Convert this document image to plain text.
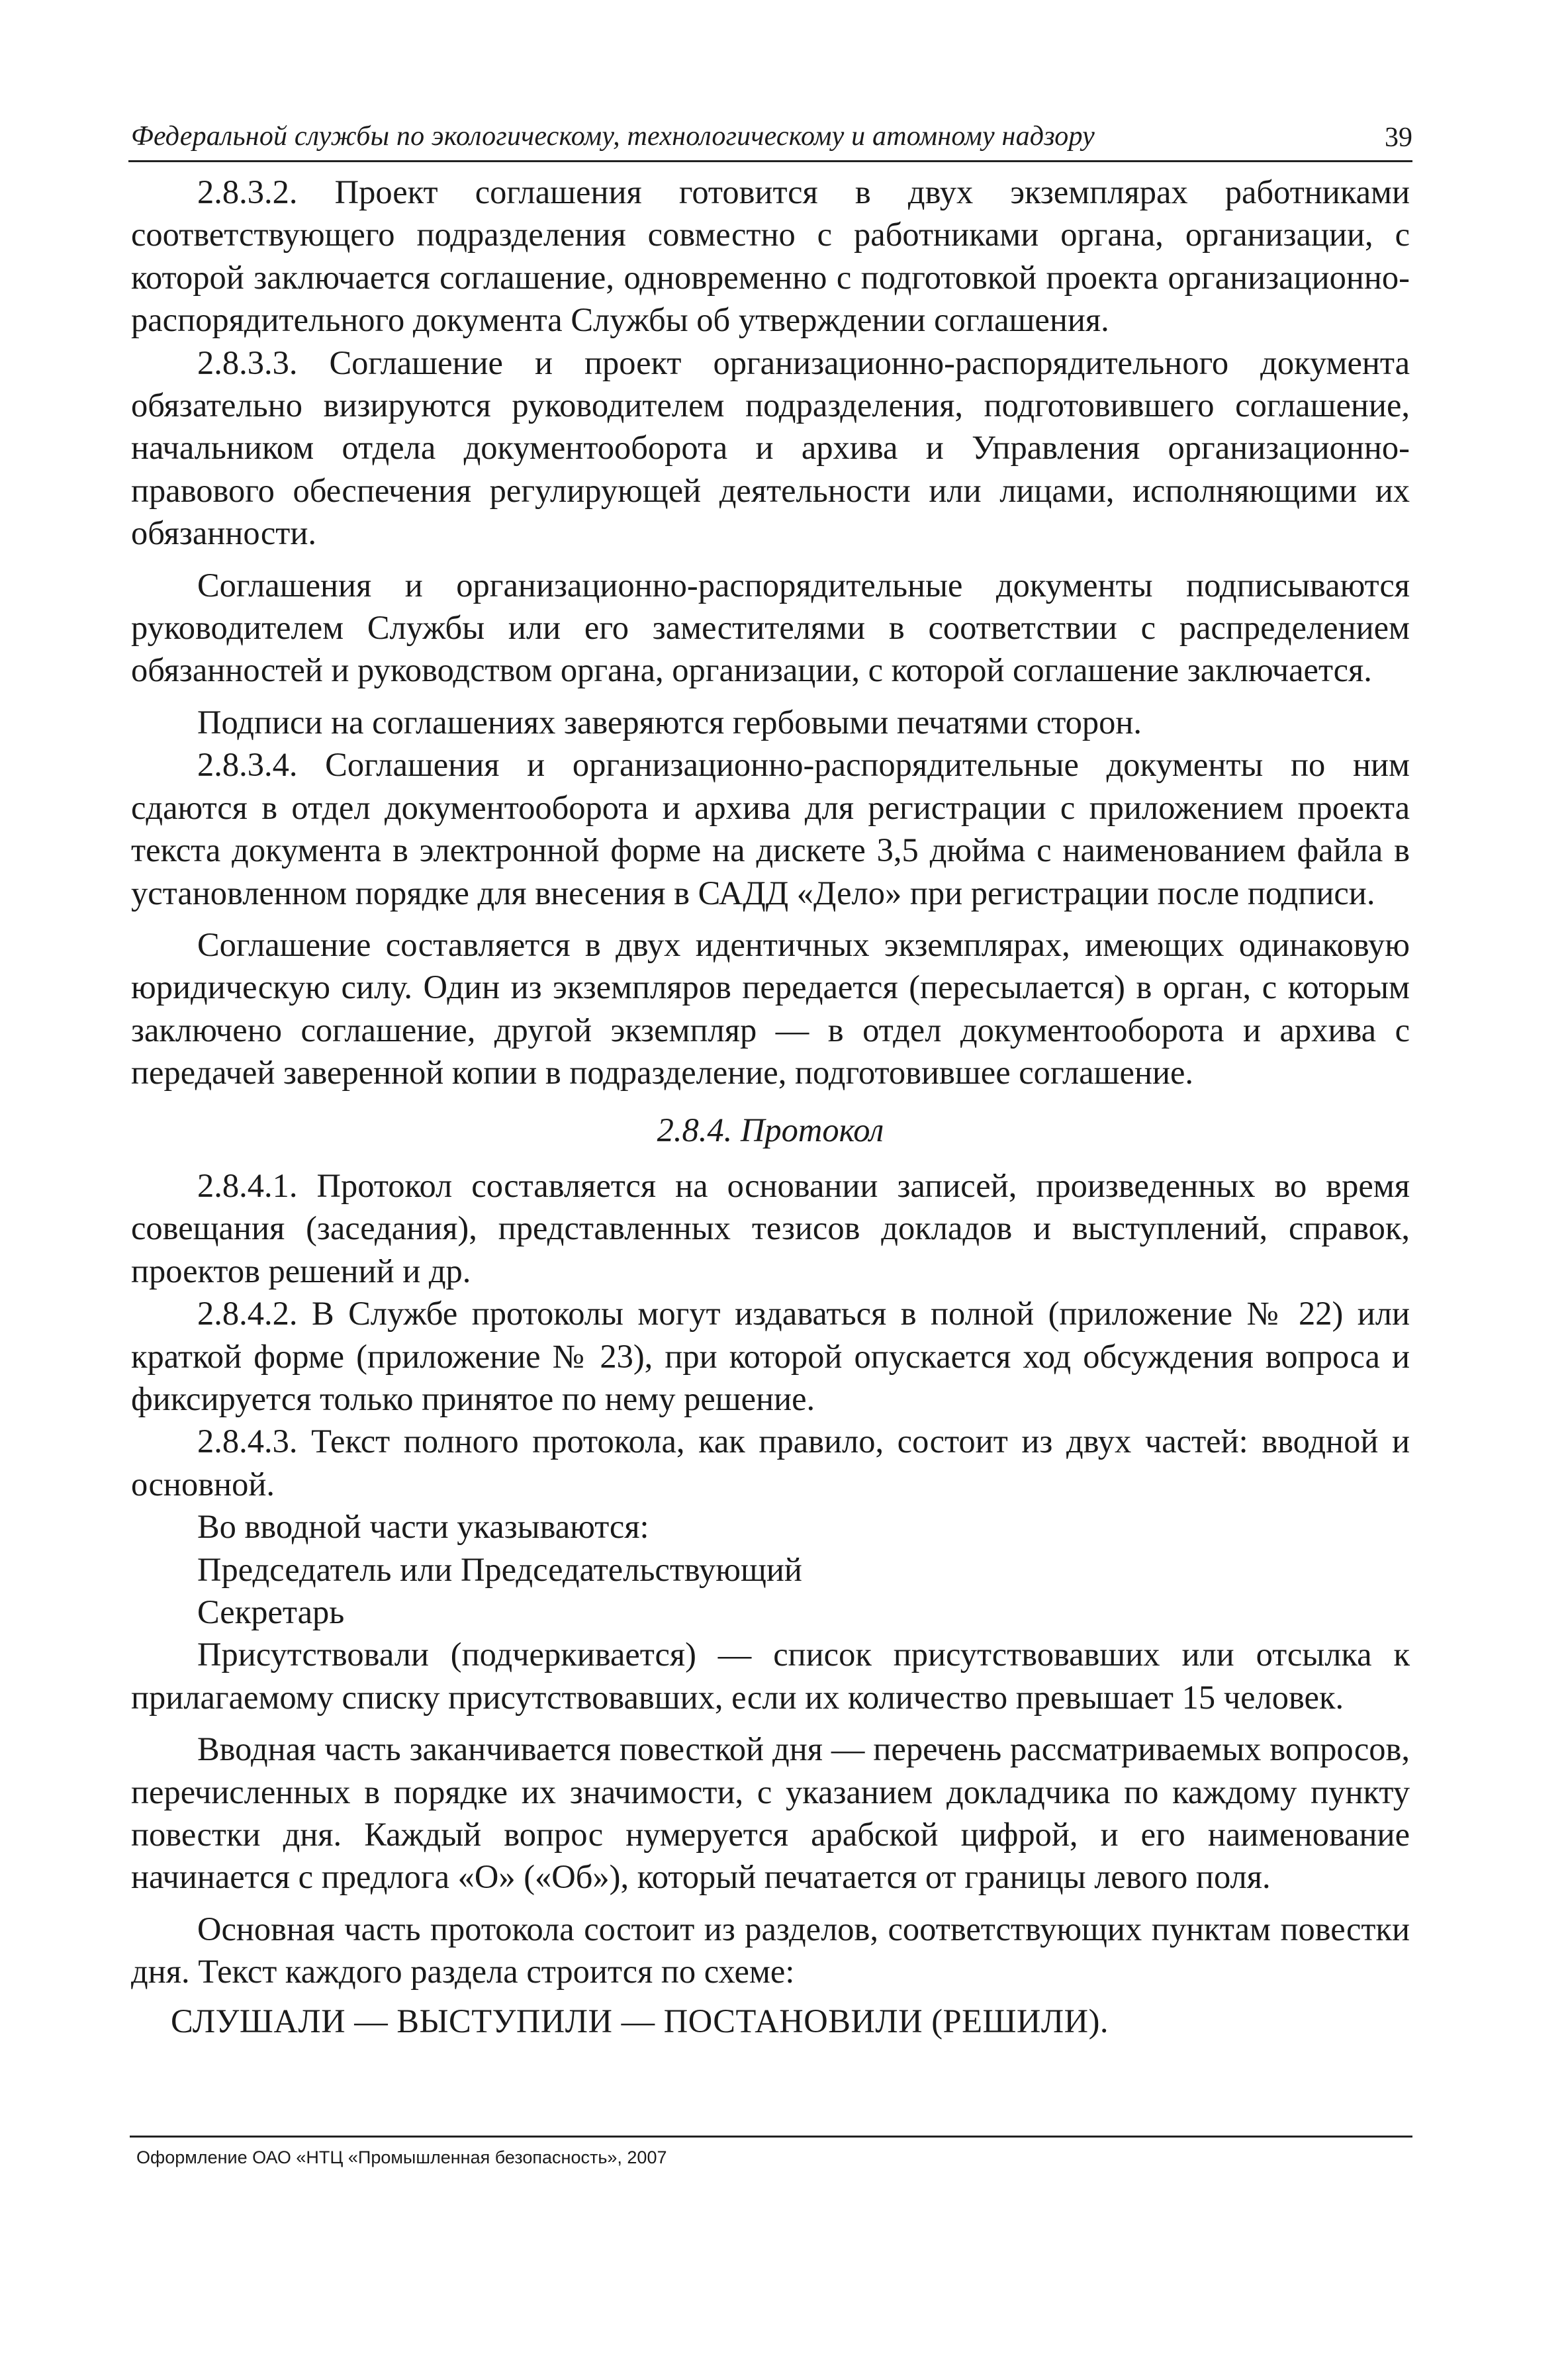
Федеральной службы по экологическому, технологическому и атомному надзору	39

2.8.3.2. Проект соглашения готовится в двух экземплярах работниками соответствующего подразделения совместно с работниками органа, организации, с которой заключается соглашение, одновременно с подготовкой проекта организационно-распорядительного документа Службы об утверждении соглашения.

2.8.3.3. Соглашение и проект организационно-распорядительного документа обязательно визируются руководителем подразделения, подготовившего соглашение, начальником отдела документооборота и архива и Управления организационно-правового обеспечения регулирующей деятельности или лицами, исполняющими их обязанности.

Соглашения и организационно-распорядительные документы подписываются руководителем Службы или его заместителями в соответствии с распределением обязанностей и руководством органа, организации, с которой соглашение заключается.

Подписи на соглашениях заверяются гербовыми печатями сторон.

2.8.3.4. Соглашения и организационно-распорядительные документы по ним сдаются в отдел документооборота и архива для регистрации с приложением проекта текста документа в электронной форме на дискете 3,5 дюйма с наименованием файла в установленном порядке для внесения в САДД «Дело» при регистрации после подписи.

Соглашение составляется в двух идентичных экземплярах, имеющих одинаковую юридическую силу. Один из экземпляров передается (пересылается) в орган, с которым заключено соглашение, другой экземпляр — в отдел документооборота и архива с передачей заверенной копии в подразделение, подготовившее соглашение.

2.8.4. Протокол

2.8.4.1. Протокол составляется на основании записей, произведенных во время совещания (заседания), представленных тезисов докладов и выступлений, справок, проектов решений и др.

2.8.4.2. В Службе протоколы могут издаваться в полной (приложение № 22) или краткой форме (приложение № 23), при которой опускается ход обсуждения вопроса и фиксируется только принятое по нему решение.

2.8.4.3. Текст полного протокола, как правило, состоит из двух частей: вводной и основной.

Во вводной части указываются:

Председатель или Председательствующий

Секретарь

Присутствовали (подчеркивается) — список присутствовавших или отсылка к прилагаемому списку присутствовавших, если их количество превышает 15 человек.

Вводная часть заканчивается повесткой дня — перечень рассматриваемых вопросов, перечисленных в порядке их значимости, с указанием докладчика по каждому пункту повестки дня. Каждый вопрос нумеруется арабской цифрой, и его наименование начинается с предлога «О» («Об»), который печатается от границы левого поля.

Основная часть протокола состоит из разделов, соответствующих пунктам повестки дня. Текст каждого раздела строится по схеме:

СЛУШАЛИ — ВЫСТУПИЛИ — ПОСТАНОВИЛИ (РЕШИЛИ).

Оформление ОАО «НТЦ «Промышленная безопасность», 2007
